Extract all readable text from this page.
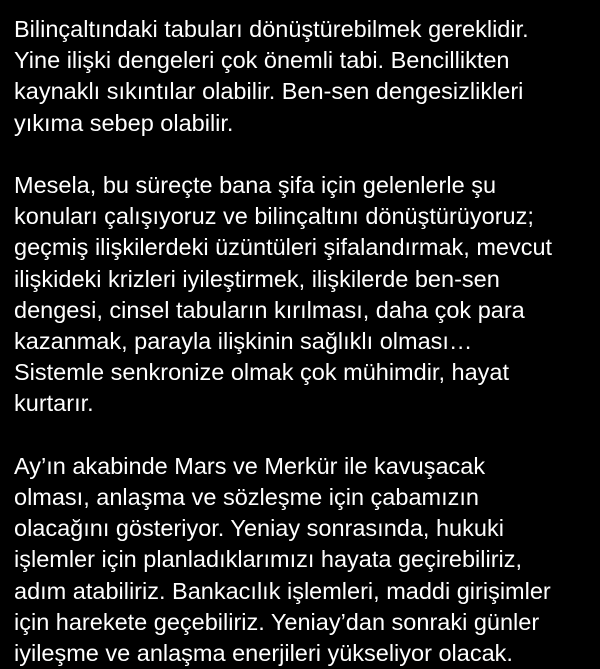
Bilinçaltındaki tabuları dönüştürebilmek gereklidir.
Yine ilişki dengeleri çok önemli tabi. Bencillikten
kaynaklı sıkıntılar olabilir. Ben-sen dengesizlikleri
yıkıma sebep olabilir.

Mesela, bu süreçte bana şifa için gelenlerle şu
konuları çalışıyoruz ve bilinçaltını dönüştürüyoruz;
geçmiş ilişkilerdeki üzüntüleri şifalandırmak, mevcut
ilişkideki krizleri iyileştirmek, ilişkilerde ben-sen
dengesi, cinsel tabuların kırılması, daha çok para
kazanmak, parayla ilişkinin sağlıklı olması…
Sistemle senkronize olmak çok mühimdir, hayat
kurtarır.

Ay’ın akabinde Mars ve Merkür ile kavuşacak
olması, anlaşma ve sözleşme için çabamızın
olacağını gösteriyor. Yeniay sonrasında, hukuki
işlemler için planladıklarımızı hayata geçirebiliriz,
adım atabiliriz. Bankacılık işlemleri, maddi girişimler
için harekete geçebiliriz. Yeniay’dan sonraki günler
iyileşme ve anlaşma enerjileri yükseliyor olacak.
